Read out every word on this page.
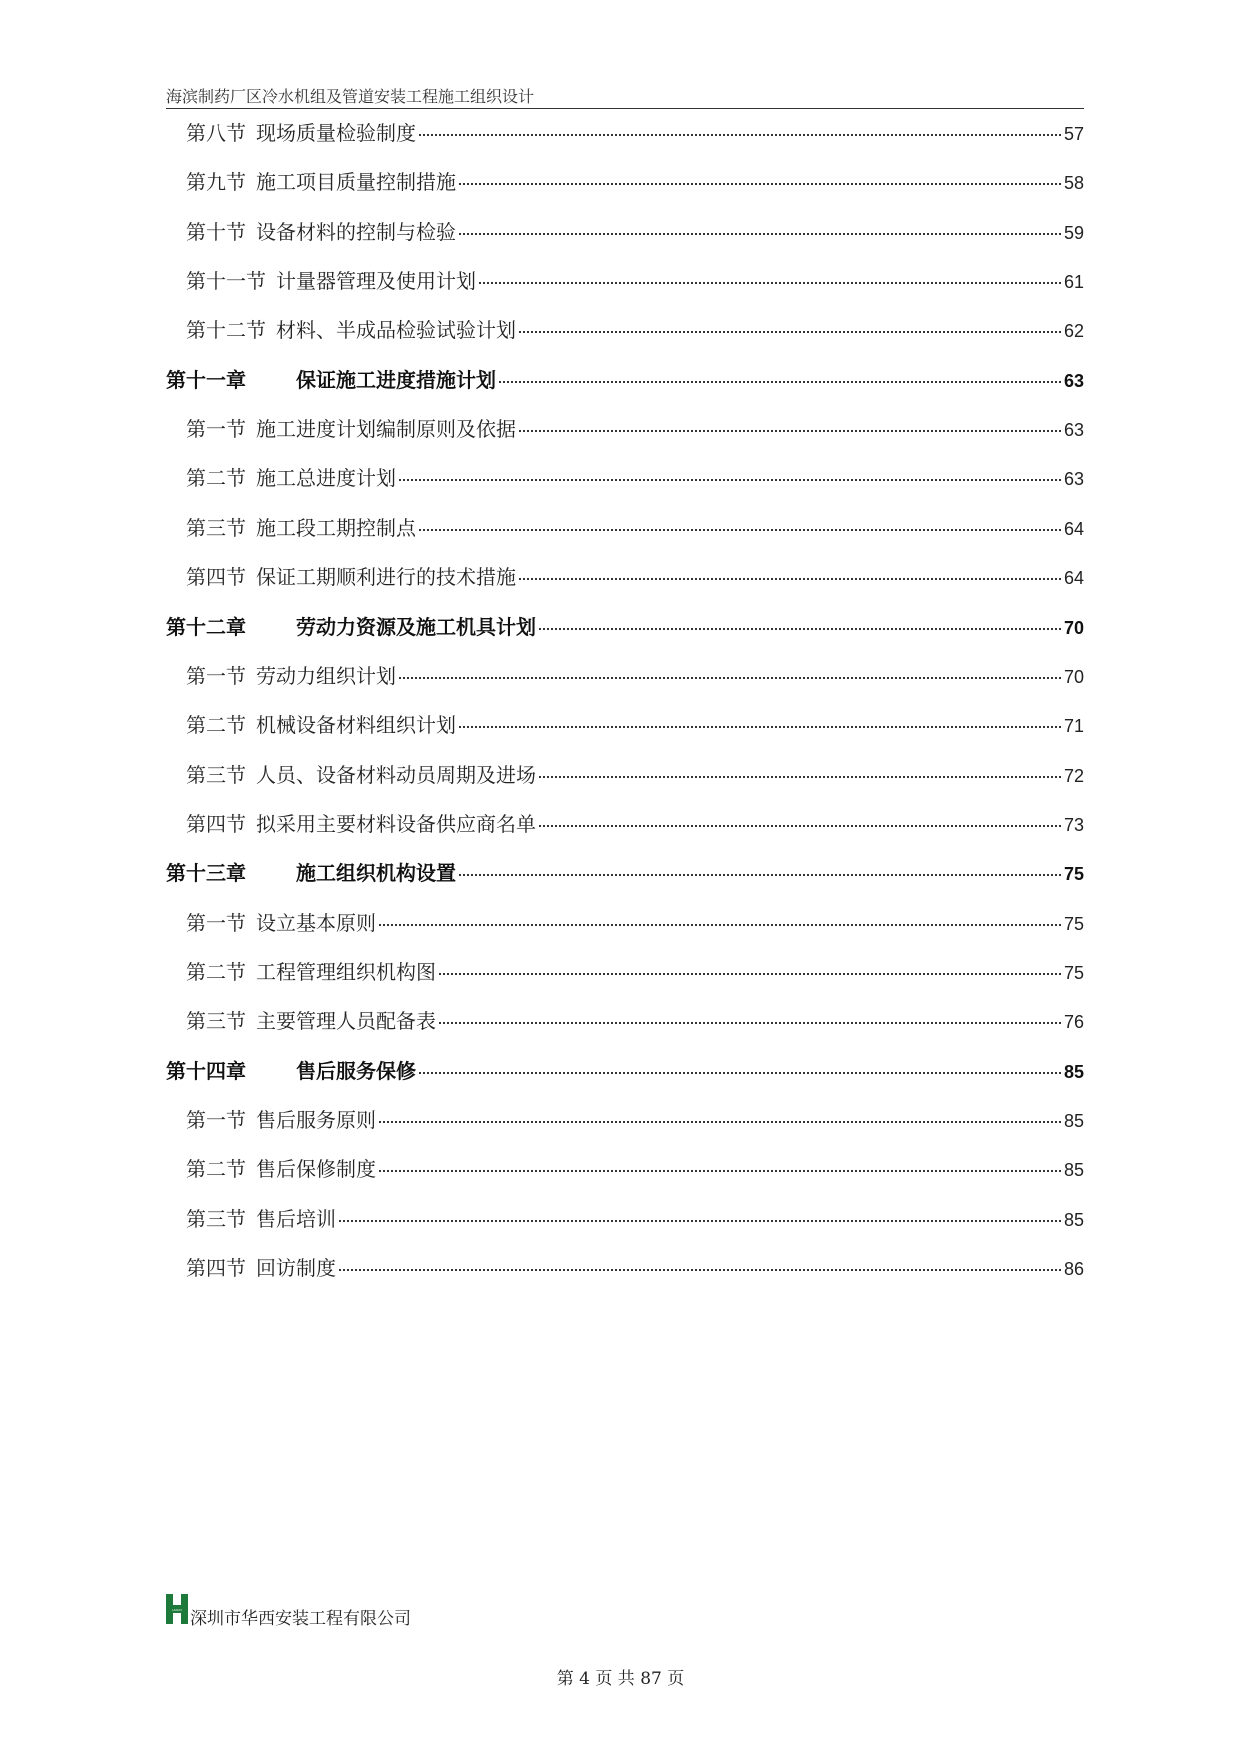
海滨制药厂区冷水机组及管道安装工程施工组织设计
第八节 现场质量检验制度	57
第九节 施工项目质量控制措施	58
第十节 设备材料的控制与检验	59
第十一节 计量器管理及使用计划	61
第十二节 材料、半成品检验试验计划	62
第十一章	保证施工进度措施计划	63
第一节 施工进度计划编制原则及依据	63
第二节 施工总进度计划	63
第三节 施工段工期控制点	64
第四节 保证工期顺利进行的技术措施	64
第十二章	劳动力资源及施工机具计划	70
第一节 劳动力组织计划	70
第二节 机械设备材料组织计划	71
第三节 人员、设备材料动员周期及进场	72
第四节 拟采用主要材料设备供应商名单	73
第十三章	施工组织机构设置	75
第一节 设立基本原则	75
第二节 工程管理组织机构图	75
第三节 主要管理人员配备表	76
第十四章	售后服务保修	85
第一节 售后服务原则	85
第二节 售后保修制度	85
第三节 售后培训	85
第四节 回访制度	86
HUAXI 深圳市华西安装工程有限公司
第 4 页 共 87 页
